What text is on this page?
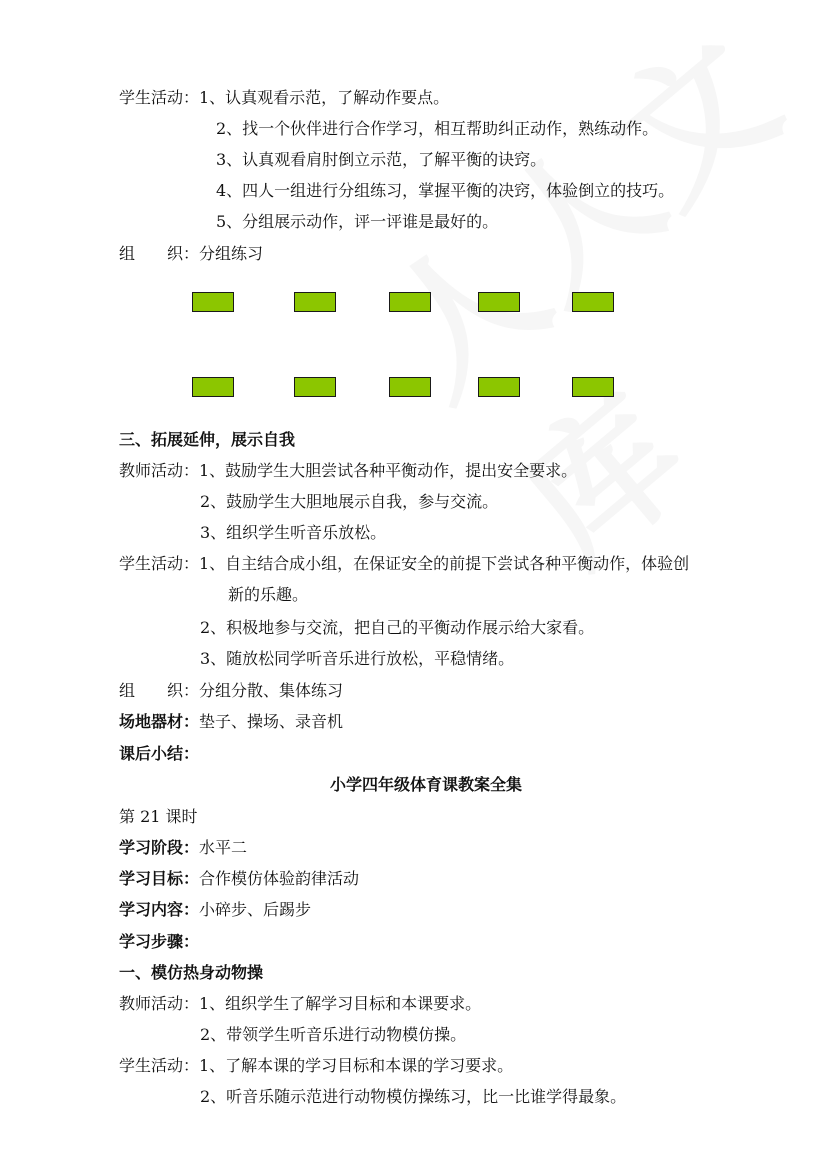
学生活动：1、认真观看示范，了解动作要点。
2、找一个伙伴进行合作学习，相互帮助纠正动作，熟练动作。
3、认真观看肩肘倒立示范，了解平衡的诀窍。
4、四人一组进行分组练习，掌握平衡的决窍，体验倒立的技巧。
5、分组展示动作，评一评谁是最好的。
组　　织：分组练习
三、拓展延伸，展示自我
教师活动：1、鼓励学生大胆尝试各种平衡动作，提出安全要求。
2、鼓励学生大胆地展示自我，参与交流。
3、组织学生听音乐放松。
学生活动：1、自主结合成小组，在保证安全的前提下尝试各种平衡动作，体验创
新的乐趣。
2、积极地参与交流，把自己的平衡动作展示给大家看。
3、随放松同学听音乐进行放松，平稳情绪。
组　　织：分组分散、集体练习
场地器材：垫子、操场、录音机
课后小结：
小学四年级体育课教案全集
第 21 课时
学习阶段：水平二
学习目标：合作模仿体验韵律活动
学习内容：小碎步、后踢步
学习步骤：
一、模仿热身动物操
教师活动：1、组织学生了解学习目标和本课要求。
2、带领学生听音乐进行动物模仿操。
学生活动：1、了解本课的学习目标和本课的学习要求。
2、听音乐随示范进行动物模仿操练习，比一比谁学得最象。
